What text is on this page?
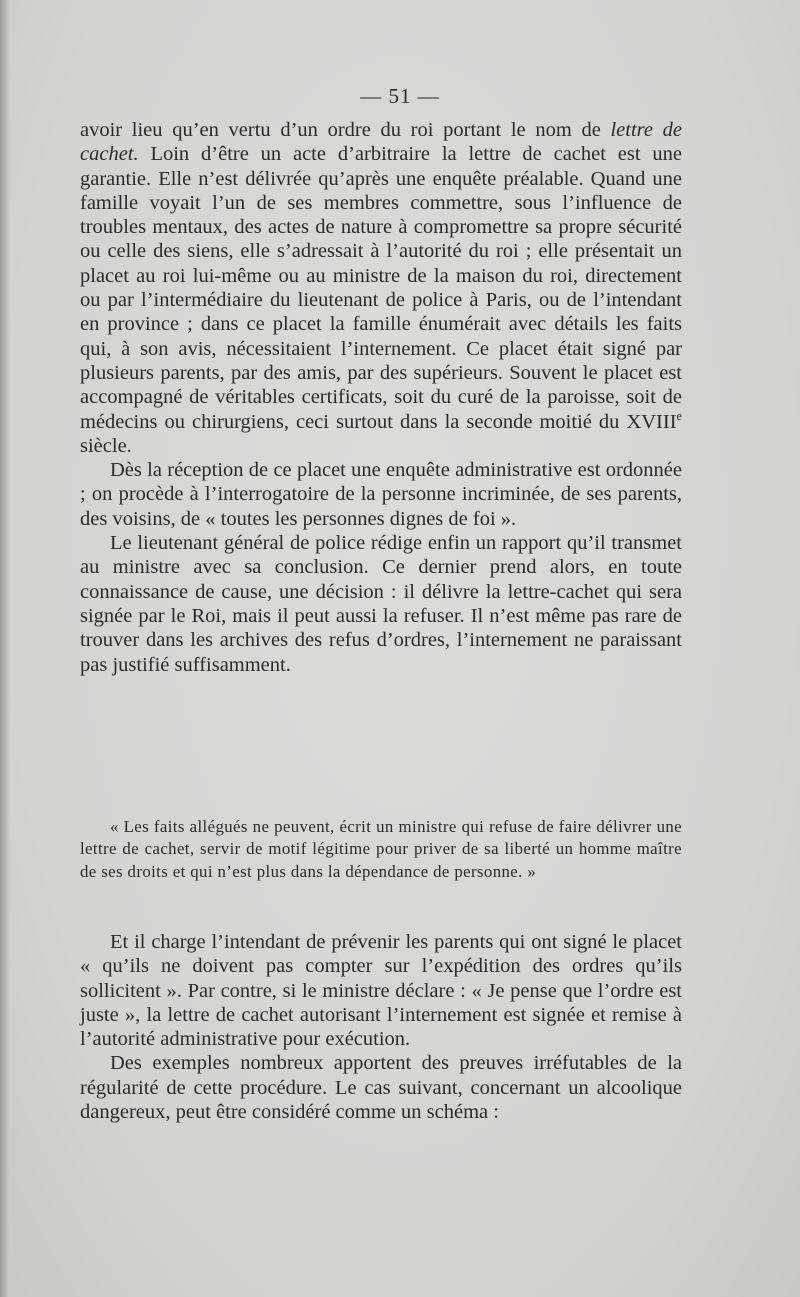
— 51 —

avoir lieu qu’en vertu d’un ordre du roi portant le nom de lettre de cachet. Loin d’être un acte d’arbitraire la lettre de cachet est une garantie. Elle n’est délivrée qu’après une enquête préalable. Quand une famille voyait l’un de ses membres commettre, sous l’influence de troubles mentaux, des actes de nature à compromettre sa propre sécurité ou celle des siens, elle s’adressait à l’autorité du roi ; elle présentait un placet au roi lui-même ou au ministre de la maison du roi, directement ou par l’intermédiaire du lieutenant de police à Paris, ou de l’intendant en province ; dans ce placet la famille énumérait avec détails les faits qui, à son avis, nécessitaient l’internement. Ce placet était signé par plusieurs parents, par des amis, par des supérieurs. Souvent le placet est accompagné de véritables certificats, soit du curé de la paroisse, soit de médecins ou chirurgiens, ceci surtout dans la seconde moitié du XVIIIe siècle.

Dès la réception de ce placet une enquête administrative est ordonnée ; on procède à l’interrogatoire de la personne incriminée, de ses parents, des voisins, de « toutes les personnes dignes de foi ».

Le lieutenant général de police rédige enfin un rapport qu’il transmet au ministre avec sa conclusion. Ce dernier prend alors, en toute connaissance de cause, une décision : il délivre la lettre-cachet qui sera signée par le Roi, mais il peut aussi la refuser. Il n’est même pas rare de trouver dans les archives des refus d’ordres, l’internement ne paraissant pas justifié suffisamment.

« Les faits allégués ne peuvent, écrit un ministre qui refuse de faire délivrer une lettre de cachet, servir de motif légitime pour priver de sa liberté un homme maître de ses droits et qui n’est plus dans la dépendance de personne. »

Et il charge l’intendant de prévenir les parents qui ont signé le placet « qu’ils ne doivent pas compter sur l’expédition des ordres qu’ils sollicitent ». Par contre, si le ministre déclare : « Je pense que l’ordre est juste », la lettre de cachet autorisant l’internement est signée et remise à l’autorité administrative pour exécution.

Des exemples nombreux apportent des preuves irréfutables de la régularité de cette procédure. Le cas suivant, concernant un alcoolique dangereux, peut être considéré comme un schéma :
